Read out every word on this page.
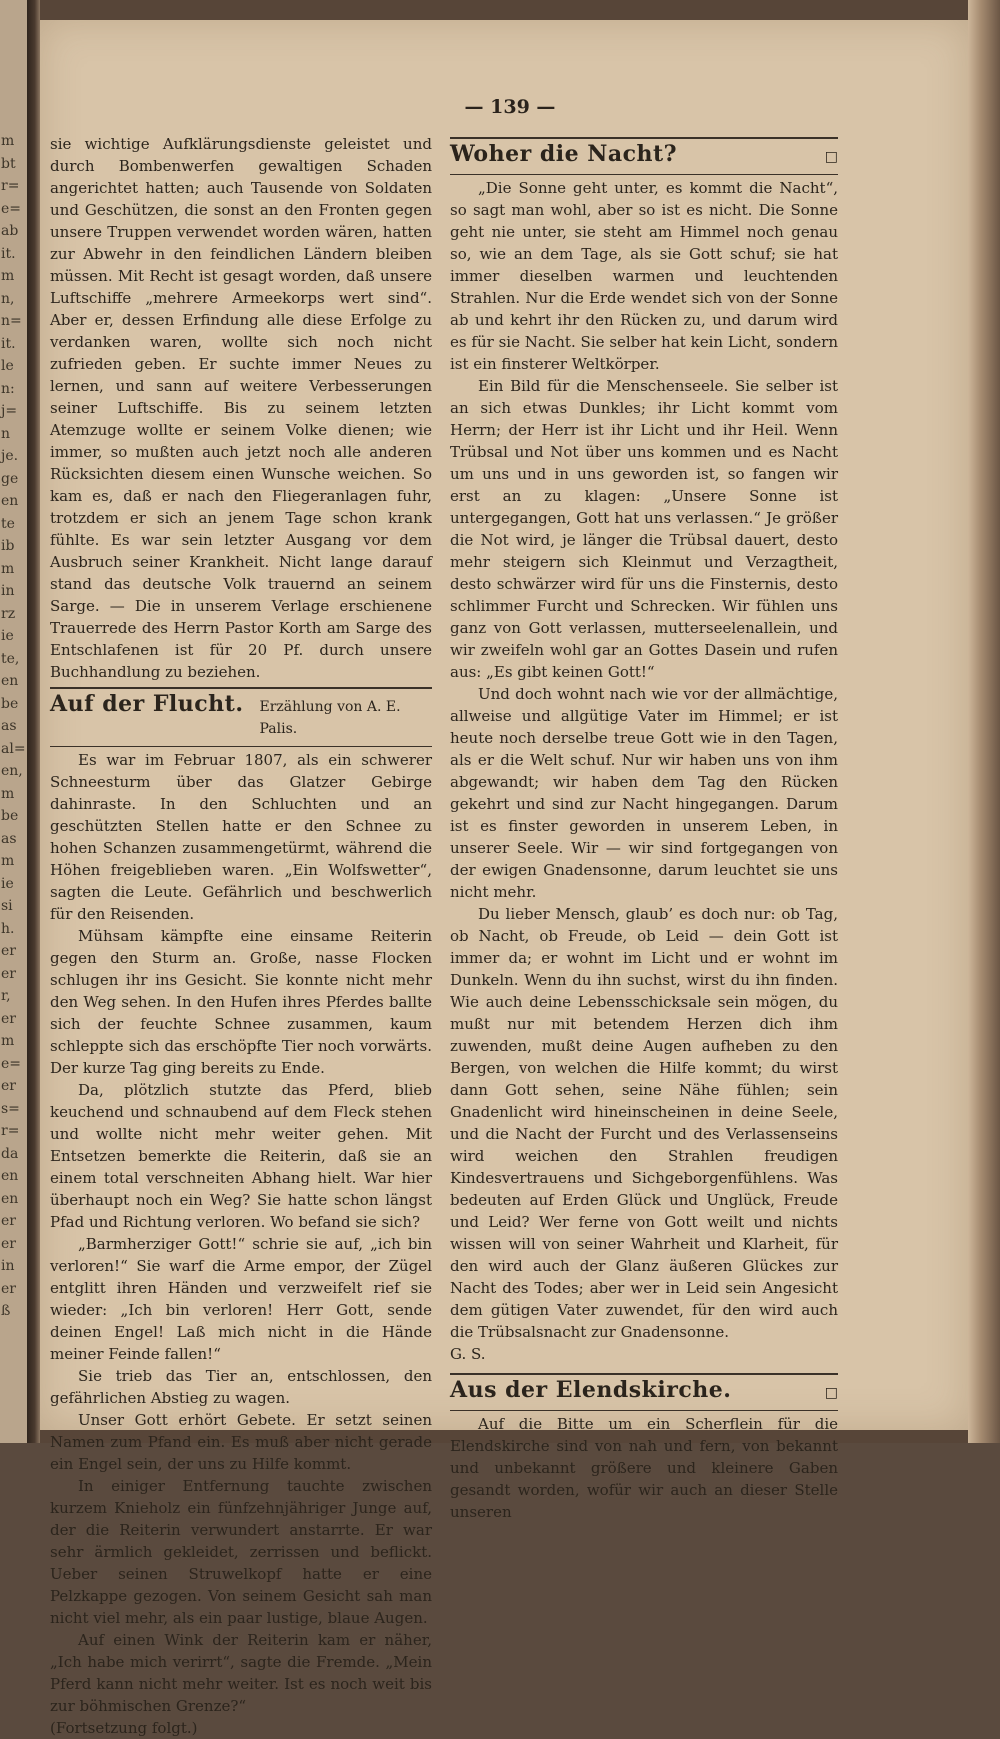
m
bt
r=
e=
ab
it.
m
n,
n=
it.
le
n:
j=
n
je.
ge
en
te
ib
m
in
rz
ie
te,
en
be
as
al=
en,
m
be
as
m
ie
si
h.
er
er
r,
er
m
e=
er
s=
r=
da
en
en
er
er
in
er
ß
— 139 —

sie wichtige Aufklärungsdienste geleistet und durch Bombenwerfen gewaltigen Schaden angerichtet hatten; auch Tausende von Soldaten und Geschützen, die sonst an den Fronten gegen unsere Truppen verwendet worden wären, hatten zur Abwehr in den feindlichen Ländern bleiben müssen. Mit Recht ist gesagt worden, daß unsere Luftschiffe „mehrere Armeekorps wert sind“. Aber er, dessen Erfindung alle diese Erfolge zu verdanken waren, wollte sich noch nicht zufrieden geben. Er suchte immer Neues zu lernen, und sann auf weitere Verbesserungen seiner Luftschiffe. Bis zu seinem letzten Atemzuge wollte er seinem Volke dienen; wie immer, so mußten auch jetzt noch alle anderen Rücksichten diesem einen Wunsche weichen. So kam es, daß er nach den Fliegeranlagen fuhr, trotzdem er sich an jenem Tage schon krank fühlte. Es war sein letzter Ausgang vor dem Ausbruch seiner Krankheit. Nicht lange darauf stand das deutsche Volk trauernd an seinem Sarge. — Die in unserem Verlage erschienene Trauerrede des Herrn Pastor Korth am Sarge des Entschlafenen ist für 20 Pf. durch unsere Buchhandlung zu beziehen.

Auf der Flucht. Erzählung von A. E. Palis.

Es war im Februar 1807, als ein schwerer Schneesturm über das Glatzer Gebirge dahinraste. In den Schluchten und an geschützten Stellen hatte er den Schnee zu hohen Schanzen zusammengetürmt, während die Höhen freigeblieben waren. „Ein Wolfswetter“, sagten die Leute. Gefährlich und beschwerlich für den Reisenden.

Mühsam kämpfte eine einsame Reiterin gegen den Sturm an. Große, nasse Flocken schlugen ihr ins Gesicht. Sie konnte nicht mehr den Weg sehen. In den Hufen ihres Pferdes ballte sich der feuchte Schnee zusammen, kaum schleppte sich das erschöpfte Tier noch vorwärts. Der kurze Tag ging bereits zu Ende.

Da, plötzlich stutzte das Pferd, blieb keuchend und schnaubend auf dem Fleck stehen und wollte nicht mehr weiter gehen. Mit Entsetzen bemerkte die Reiterin, daß sie an einem total verschneiten Abhang hielt. War hier überhaupt noch ein Weg? Sie hatte schon längst Pfad und Richtung verloren. Wo befand sie sich?

„Barmherziger Gott!“ schrie sie auf, „ich bin verloren!“ Sie warf die Arme empor, der Zügel entglitt ihren Händen und verzweifelt rief sie wieder: „Ich bin verloren! Herr Gott, sende deinen Engel! Laß mich nicht in die Hände meiner Feinde fallen!“

Sie trieb das Tier an, entschlossen, den gefährlichen Abstieg zu wagen.

Unser Gott erhört Gebete. Er setzt seinen Namen zum Pfand ein. Es muß aber nicht gerade ein Engel sein, der uns zu Hilfe kommt.

In einiger Entfernung tauchte zwischen kurzem Knieholz ein fünfzehnjähriger Junge auf, der die Reiterin verwundert anstarrte. Er war sehr ärmlich gekleidet, zerrissen und beflickt. Ueber seinen Struwelkopf hatte er eine Pelzkappe gezogen. Von seinem Gesicht sah man nicht viel mehr, als ein paar lustige, blaue Augen.

Auf einen Wink der Reiterin kam er näher, „Ich habe mich verirrt“, sagte die Fremde. „Mein Pferd kann nicht mehr weiter. Ist es noch weit bis zur böhmischen Grenze?“

(Fortsetzung folgt.)

Woher die Nacht?	□

„Die Sonne geht unter, es kommt die Nacht“, so sagt man wohl, aber so ist es nicht. Die Sonne geht nie unter, sie steht am Himmel noch genau so, wie an dem Tage, als sie Gott schuf; sie hat immer dieselben warmen und leuchtenden Strahlen. Nur die Erde wendet sich von der Sonne ab und kehrt ihr den Rücken zu, und darum wird es für sie Nacht. Sie selber hat kein Licht, sondern ist ein finsterer Weltkörper.

Ein Bild für die Menschenseele. Sie selber ist an sich etwas Dunkles; ihr Licht kommt vom Herrn; der Herr ist ihr Licht und ihr Heil. Wenn Trübsal und Not über uns kommen und es Nacht um uns und in uns geworden ist, so fangen wir erst an zu klagen: „Unsere Sonne ist untergegangen, Gott hat uns verlassen.“ Je größer die Not wird, je länger die Trübsal dauert, desto mehr steigern sich Kleinmut und Verzagtheit, desto schwärzer wird für uns die Finsternis, desto schlimmer Furcht und Schrecken. Wir fühlen uns ganz von Gott verlassen, mutterseelenallein, und wir zweifeln wohl gar an Gottes Dasein und rufen aus: „Es gibt keinen Gott!“

Und doch wohnt nach wie vor der allmächtige, allweise und allgütige Vater im Himmel; er ist heute noch derselbe treue Gott wie in den Tagen, als er die Welt schuf. Nur wir haben uns von ihm abgewandt; wir haben dem Tag den Rücken gekehrt und sind zur Nacht hingegangen. Darum ist es finster geworden in unserem Leben, in unserer Seele. Wir — wir sind fortgegangen von der ewigen Gnadensonne, darum leuchtet sie uns nicht mehr.

Du lieber Mensch, glaub’ es doch nur: ob Tag, ob Nacht, ob Freude, ob Leid — dein Gott ist immer da; er wohnt im Licht und er wohnt im Dunkeln. Wenn du ihn suchst, wirst du ihn finden. Wie auch deine Lebensschicksale sein mögen, du mußt nur mit betendem Herzen dich ihm zuwenden, mußt deine Augen aufheben zu den Bergen, von welchen die Hilfe kommt; du wirst dann Gott sehen, seine Nähe fühlen; sein Gnadenlicht wird hineinscheinen in deine Seele, und die Nacht der Furcht und des Verlassenseins wird weichen den Strahlen freudigen Kindesvertrauens und Sichgeborgenfühlens. Was bedeuten auf Erden Glück und Unglück, Freude und Leid? Wer ferne von Gott weilt und nichts wissen will von seiner Wahrheit und Klarheit, für den wird auch der Glanz äußeren Glückes zur Nacht des Todes; aber wer in Leid sein Angesicht dem gütigen Vater zuwendet, für den wird auch die Trübsalsnacht zur Gnadensonne.

G. S.

Aus der Elendskirche.	□

Auf die Bitte um ein Scherflein für die Elendskirche sind von nah und fern, von bekannt und unbekannt größere und kleinere Gaben gesandt worden, wofür wir auch an dieser Stelle unseren
